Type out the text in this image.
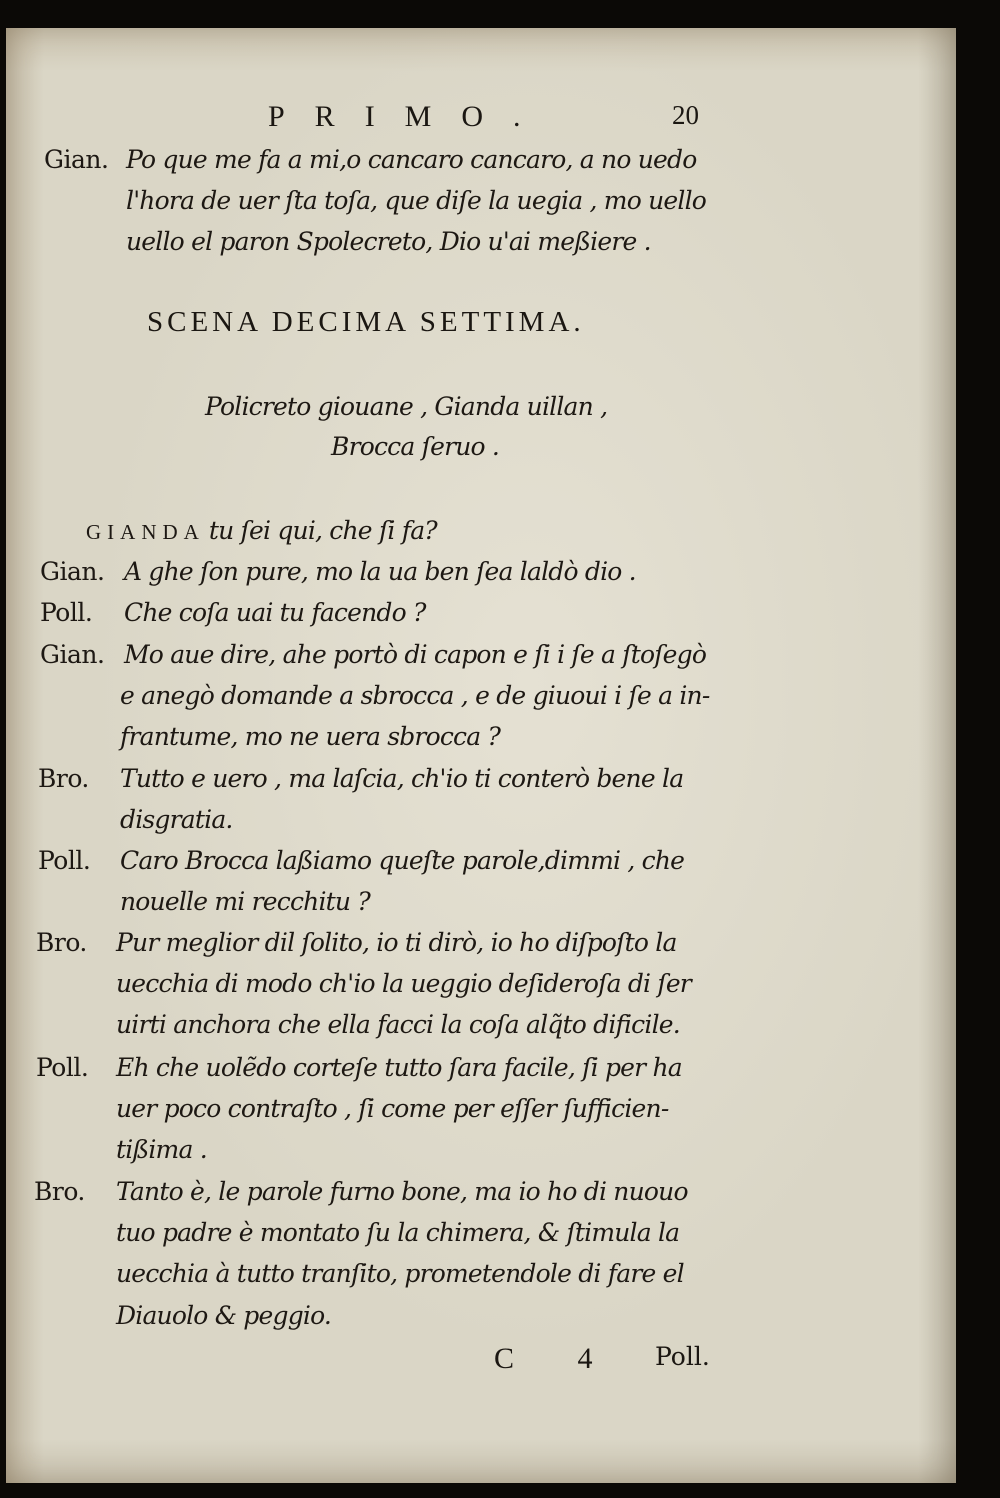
PRIMO.	20
Gian. Po que me fa a mi,o cancaro cancaro, a no uedo
l'hora de uer ſta toſa, que diſe la uegia , mo uello
uello el paron Spolecreto, Dio u'ai meßiere .
SCENA DECIMA SETTIMA.
Policreto giouane , Gianda uillan ,
Brocca ſeruo .
GIANDA tu ſei qui, che ſi fa?
Gian. A ghe ſon pure, mo la ua ben ſea laldò dio .
Poll. Che coſa uai tu facendo ?
Gian. Mo aue dire, ahe portò di capon e ſi i ſe a ſtoſegò
e anegò domande a sbrocca , e de giuoui i ſe a in-
frantume, mo ne uera sbrocca ?
Bro. Tutto e uero , ma laſcia, ch'io ti conterò bene la
disgratia.
Poll. Caro Brocca laßiamo queſte parole,dimmi , che
nouelle mi recchitu ?
Bro. Pur meglior dil ſolito, io ti dirò, io ho diſpoſto la
uecchia di modo ch'io la ueggio deſideroſa di ſer
uirti anchora che ella facci la coſa alq̃to dificile.
Poll. Eh che uolẽdo corteſe tutto ſara facile, ſi per ha
uer poco contraſto , ſi come per eſſer ſufficien-
tißima .
Bro. Tanto è, le parole furno bone, ma io ho di nuouo
tuo padre è montato ſu la chimera, & ſtimula la
uecchia à tutto tranſito, prometendole di fare el
Diauolo & peggio.
C 4 Poll.
